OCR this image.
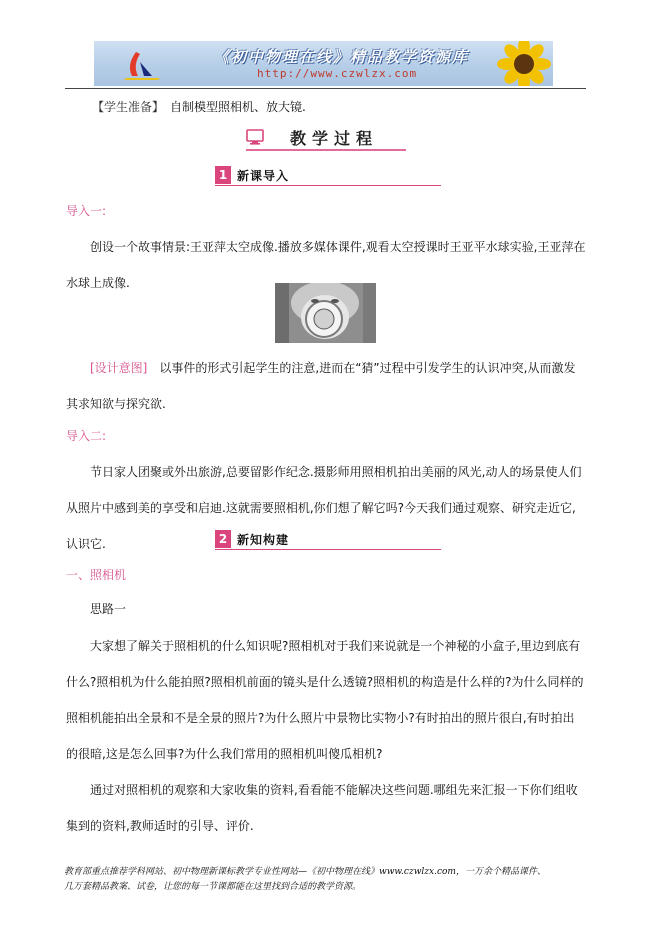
《初中物理在线》精品教学资源库
http://www.czwlzx.com
【学生准备】 自制模型照相机、放大镜.
教学过程
1 新课导入
导入一:
创设一个故事情景:王亚萍太空成像.播放多媒体课件,观看太空授课时王亚平水球实验,王亚萍在水球上成像.
[设计意图] 以事件的形式引起学生的注意,进而在“猜”过程中引发学生的认识冲突,从而激发其求知欲与探究欲.
导入二:
节日家人团聚或外出旅游,总要留影作纪念.摄影师用照相机拍出美丽的风光,动人的场景使人们从照片中感到美的享受和启迪.这就需要照相机,你们想了解它吗?今天我们通过观察、研究走近它,认识它.	2 新知构建
一、照相机
思路一
大家想了解关于照相机的什么知识呢?照相机对于我们来说就是一个神秘的小盒子,里边到底有什么?照相机为什么能拍照?照相机前面的镜头是什么透镜?照相机的构造是什么样的?为什么同样的照相机能拍出全景和不是全景的照片?为什么照片中景物比实物小?有时拍出的照片很白,有时拍出的很暗,这是怎么回事?为什么我们常用的照相机叫傻瓜相机?
通过对照相机的观察和大家收集的资料,看看能不能解决这些问题.哪组先来汇报一下你们组收集到的资料,教师适时的引导、评价.
教育部重点推荐学科网站、初中物理新课标教学专业性网站—《初中物理在线》www.czwlzx.com，一万余个精品课件、
几万套精品教案、试卷，让您的每一节课都能在这里找到合适的教学资源。
